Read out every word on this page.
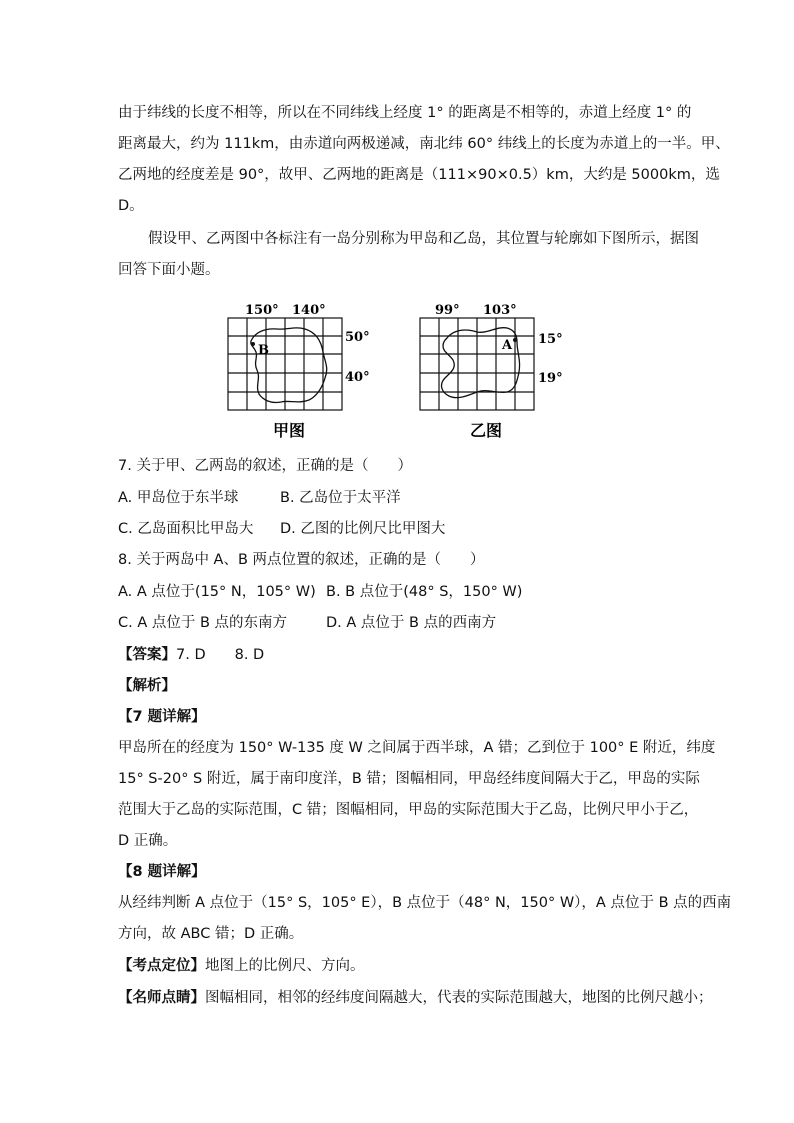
由于纬线的长度不相等，所以在不同纬线上经度 1° 的距离是不相等的，赤道上经度 1° 的
距离最大，约为 111km，由赤道向两极递减，南北纬 60° 纬线上的长度为赤道上的一半。甲、
乙两地的经度差是 90°，故甲、乙两地的距离是（111×90×0.5）km，大约是 5000km，选
D。
假设甲、乙两图中各标注有一岛分别称为甲岛和乙岛，其位置与轮廓如下图所示，据图
回答下面小题。
B
150° 140°
50°
40°
甲图
A
99° 103°
15°
19°
乙图
7. 关于甲、乙两岛的叙述，正确的是（　　）
A. 甲岛位于东半球	B. 乙岛位于太平洋
C. 乙岛面积比甲岛大 D. 乙图的比例尺比甲图大
8. 关于两岛中 A、B 两点位置的叙述，正确的是（　　）
A. A 点位于(15° N，105° W) B. B 点位于(48° S，150° W)
C. A 点位于 B 点的东南方	D. A 点位于 B 点的西南方
【答案】7. D　　8. D
【解析】
【7 题详解】
甲岛所在的经度为 150° W-135 度 W 之间属于西半球，A 错；乙到位于 100° E 附近，纬度
15° S-20° S 附近，属于南印度洋，B 错；图幅相同，甲岛经纬度间隔大于乙，甲岛的实际
范围大于乙岛的实际范围，C 错；图幅相同，甲岛的实际范围大于乙岛，比例尺甲小于乙，
D 正确。
【8 题详解】
从经纬判断 A 点位于（15° S，105° E），B 点位于（48° N，150° W），A 点位于 B 点的西南
方向，故 ABC 错；D 正确。
【考点定位】地图上的比例尺、方向。
【名师点睛】图幅相同，相邻的经纬度间隔越大，代表的实际范围越大，地图的比例尺越小；
